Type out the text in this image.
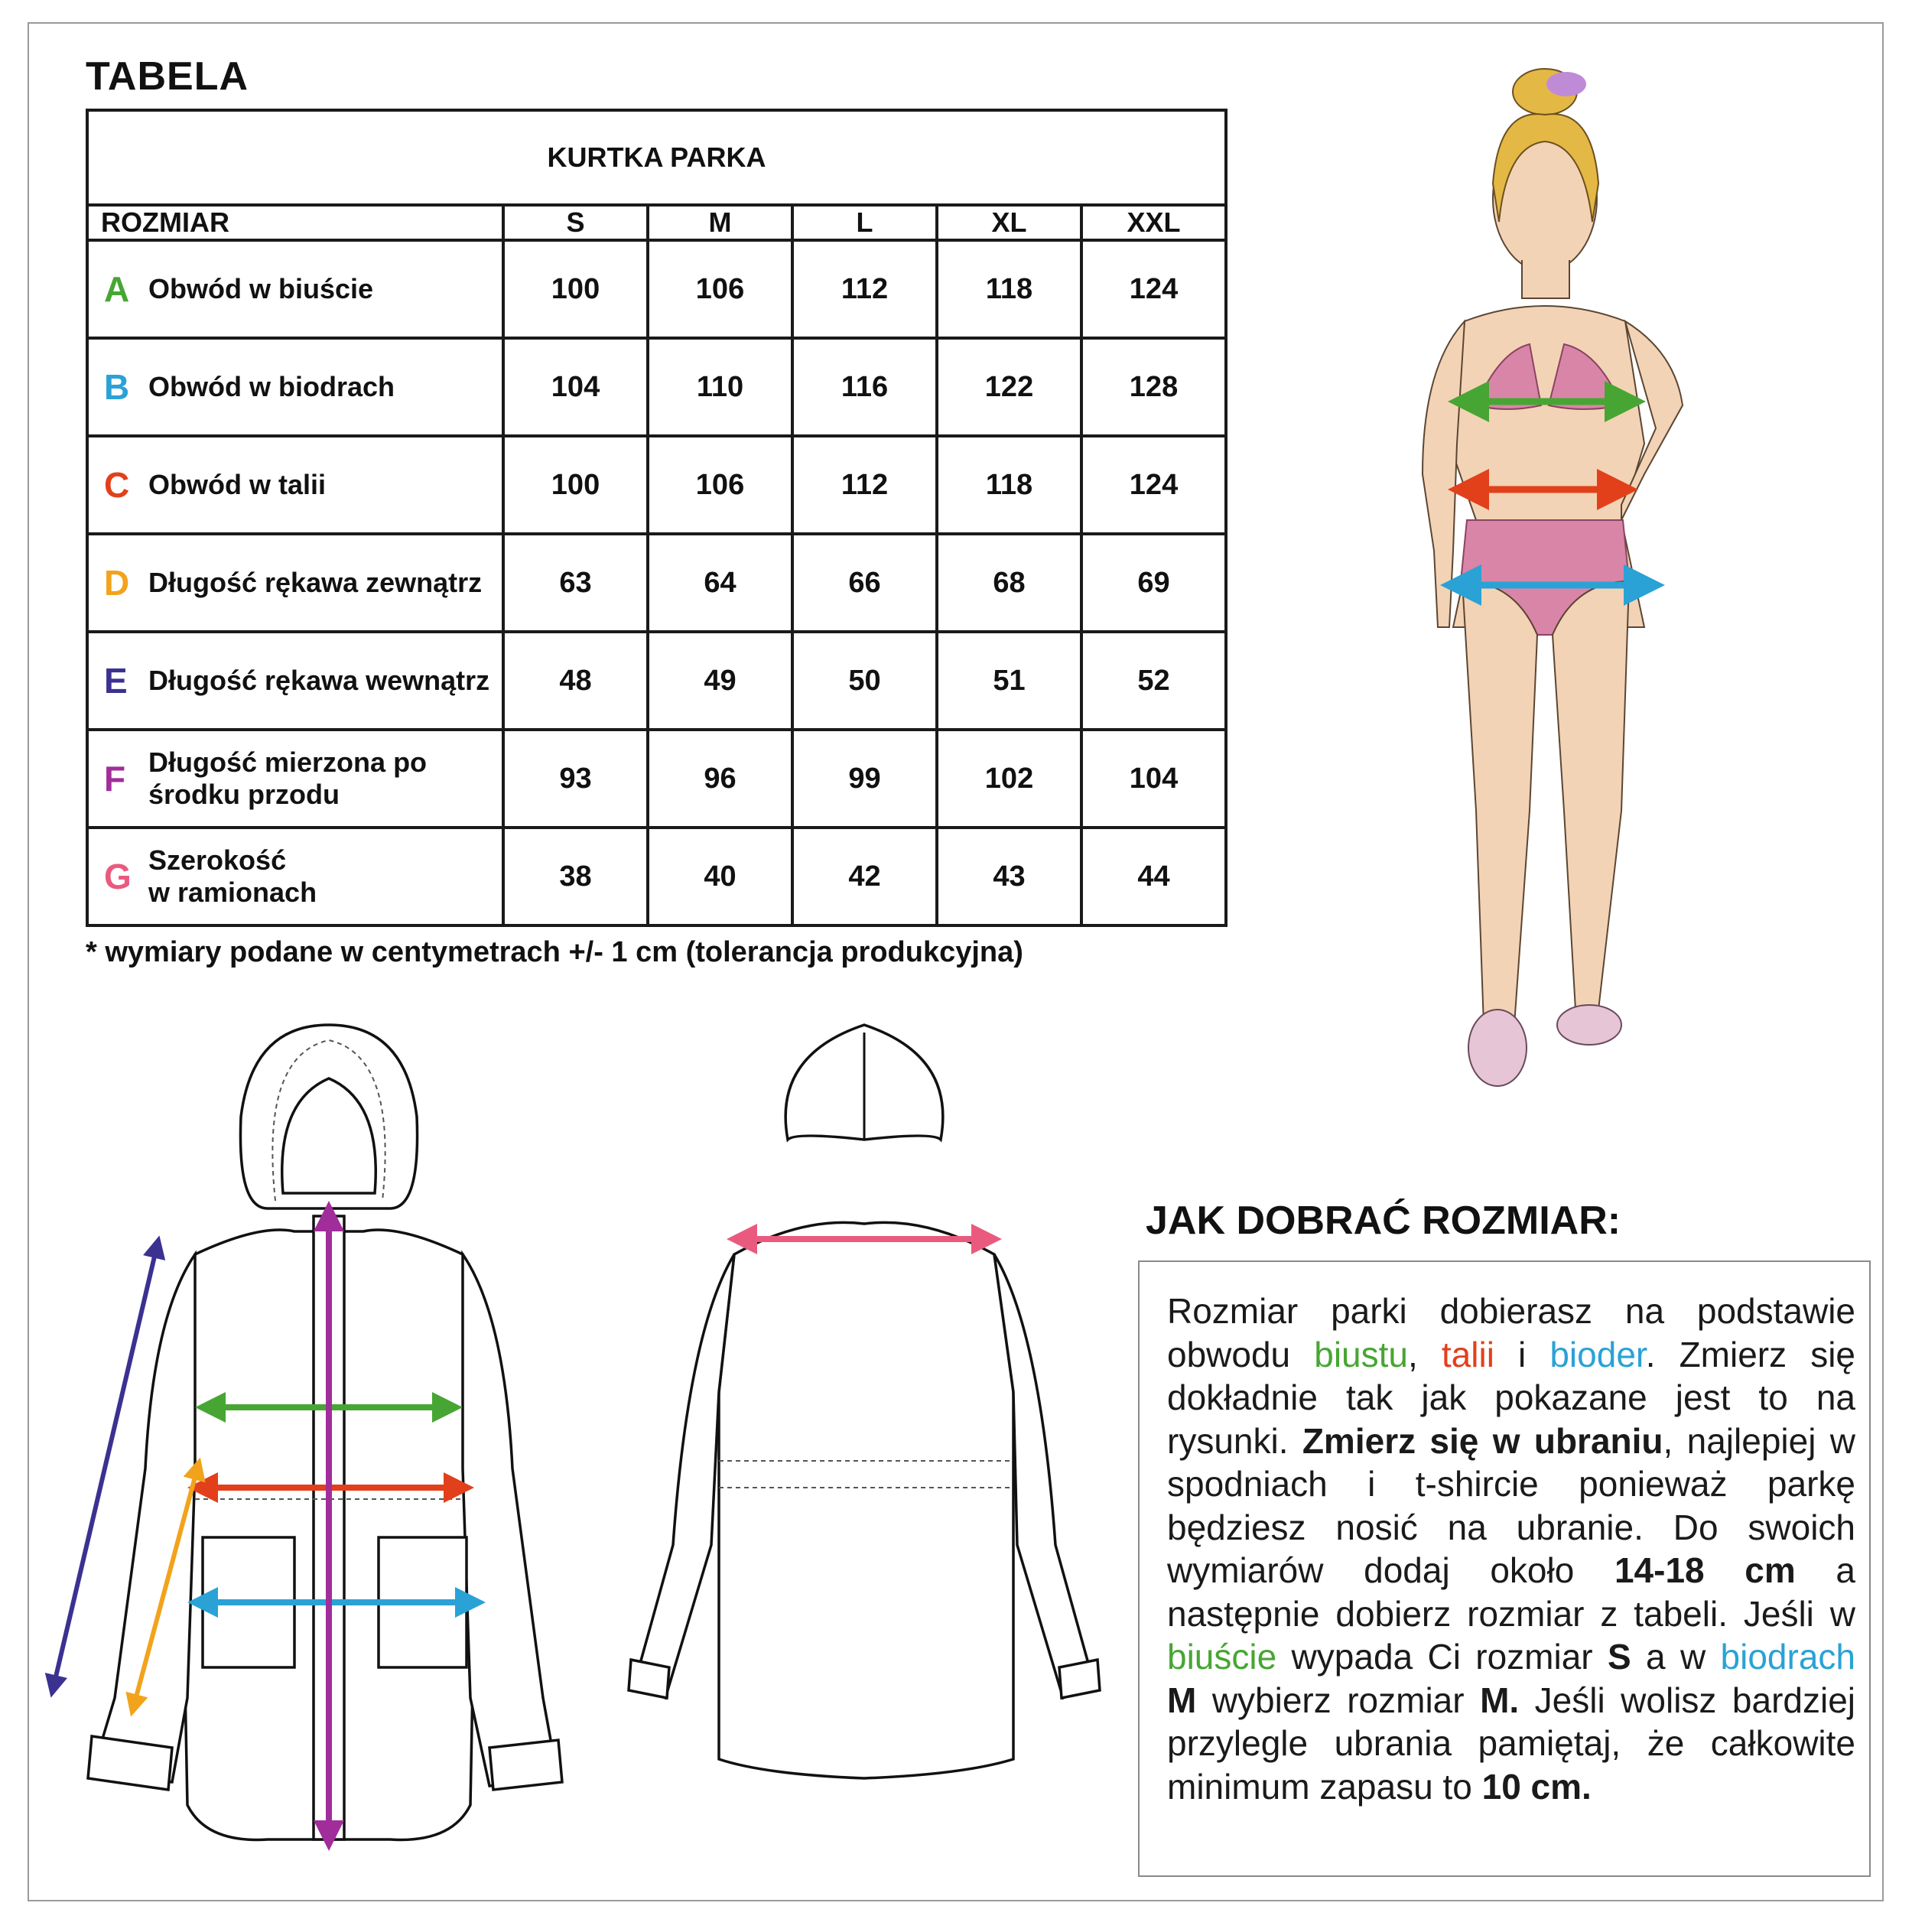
TABELA
KURTKA PARKA					
ROZMIAR	S	M	L	XL	XXL

A Obwód w biuście	100	106	112	118	124

B Obwód w biodrach	104	110	116	122	128

C Obwód w talii	100	106	112	118	124

D Długość rękawa zewnątrz	63	64	66	68	69

E Długość rękawa wewnątrz	48	49	50	51	52

F Długość mierzona po
środku przodu	93	96	99	102	104

G Szerokość
w ramionach	38	40	42	43	44
* wymiary podane w centymetrach +/- 1 cm (tolerancja produkcyjna)
JAK DOBRAĆ ROZMIAR:
Rozmiar parki dobierasz na podstawie obwodu biustu, talii i bioder. Zmierz się dokładnie tak jak pokazane jest to na rysunki. Zmierz się w ubraniu, najlepiej w spodniach i t-shircie ponieważ parkę będziesz nosić na ubranie. Do swoich wymiarów dodaj około 14-18 cm a następnie dobierz rozmiar z tabeli. Jeśli w biuście wypada Ci rozmiar S a w biodrach M wybierz rozmiar M. Jeśli wolisz bardziej przylegle ubrania pamiętaj, że całkowite minimum zapasu to 10 cm.
